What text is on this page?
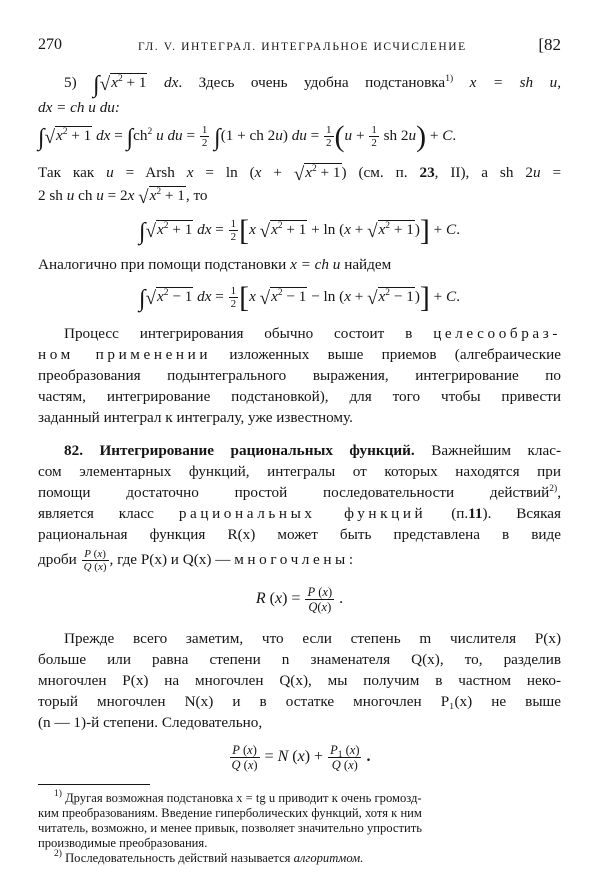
270	ГЛ. V. ИНТЕГРАЛ. ИНТЕГРАЛЬНОЕ ИСЧИСЛЕНИЕ	[82
5) $\int√x^2 + 1$ dx. Здесь очень удобна подстановка$^{1)}$ x = sh u,
dx = ch u du:
$\int√x^2 + 1$ dx = $\int ch^2$ u du = $\frac{1}{2} \int(1$ + ch 2u) du = $\frac{1}{2} (u + \frac{1}{2}$ sh 2u) + C.
Так как u = Arsh $x = \ln (x + √x^2 + 1)$ (см. п. 23, II), а sh 2u =
2 sh u ch u = 2x $√x^2 + 1$, то
$\int√x^2 + 1$ dx = $\frac{1}{2} [x$ $√x^2 + 1 + \ln (x + √x^2 + 1)] + C$.
Аналогично при помощи подстановки x = ch u найдем
$\int√x^2 - 1$ dx = $\frac{1}{2} [x$ $√x^2 - 1 - \ln (x + √x^2 - 1)] + C$.
Процесс интегрирования обычно состоит в целесообраз-
ном применении изложенных выше приемов (алгебраические
преобразования подынтегрального выражения, интегрирование по
частям, интегрирование подстановкой), для того чтобы привести
заданный интеграл к интегралу, уже известному.
82. Интегрирование рациональных функций. Важнейшим клас-
сом элементарных функций, интегралы от которых находятся при
помощи достаточно простой последовательности действий$^{2)}$,
является класс рациональных функций (п.11). Всякая
рациональная функция R(x) может быть представлена в виде
дроби $\frac{P (x)}{Q (x)}$ , где P(x) и Q(x) — многочлены:
R $(x) = \frac{P (x)}{Q(x)}$ .
Прежде всего заметим, что если степень m числителя P(x)
больше или равна степени n знаменателя Q(x), то, разделив
многочлен P(x) на многочлен Q(x), мы получим в частном неко-
торый многочлен N(x) и в остатке многочлен P₁(x) не выше
(n — 1)-й степени. Следовательно,
$\frac{P (x)}{Q (x)} = N$ $(x) + \frac{P_1 (x)}{Q (x)}$ .

$^{1)}$ Другая возможная подстановка x = tg u приводит к очень громозд-

ким преобразованиям. Введение гиперболических функций, хотя к ним

читатель, возможно, и менее привык, позволяет значительно упростить

производимые преобразования.

$^{2)}$ Последовательность действий называется алгоритмом.
